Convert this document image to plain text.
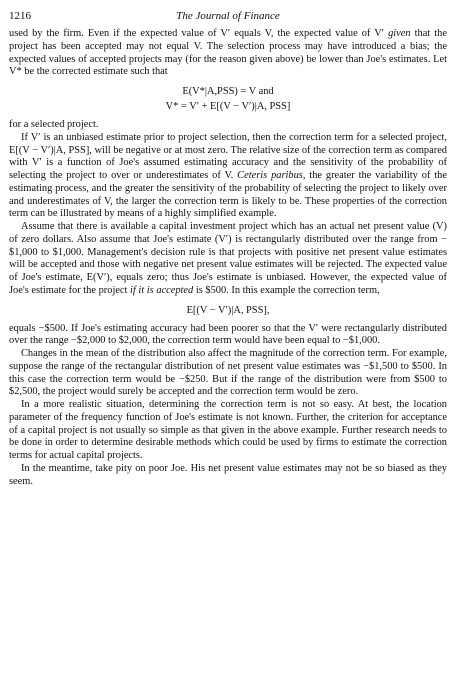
1216	The Journal of Finance

used by the firm. Even if the expected value of V′ equals V, the expected value of V′ given that the project has been accepted may not equal V. The selection process may have introduced a bias; the expected values of accepted projects may (for the reason given above) be lower than Joe's estimates. Let V* be the corrected estimate such that

E(V*|A,PSS) = V and
V* = V′ + E[(V − V′)|A, PSS]

for a selected project.

If V′ is an unbiased estimate prior to project selection, then the correction term for a selected project, E[(V − V′)|A, PSS], will be negative or at most zero. The relative size of the correction term as compared with V′ is a function of Joe's assumed estimating accuracy and the sensitivity of the probability of selecting the project to over or underestimates of V. Ceteris paribus, the greater the variability of the estimating process, and the greater the sensitivity of the probability of selecting the project to likely over and underestimates of V, the larger the correction term is likely to be. These properties of the correction term can be illustrated by means of a highly simplified example.

Assume that there is available a capital investment project which has an actual net present value (V) of zero dollars. Also assume that Joe's estimate (V′) is rectangularly distributed over the range from −$1,000 to $1,000. Management's decision rule is that projects with positive net present value estimates will be accepted and those with negative net present value estimates will be rejected. The expected value of Joe's estimate, E(V′), equals zero; thus Joe's estimate is unbiased. However, the expected value of Joe's estimate for the project if it is accepted is $500. In this example the correction term,

E[(V − V′)|A, PSS],

equals −$500. If Joe's estimating accuracy had been poorer so that the V′ were rectangularly distributed over the range −$2,000 to $2,000, the correction term would have been equal to −$1,000.

Changes in the mean of the distribution also affect the magnitude of the correction term. For example, suppose the range of the rectangular distribution of net present value estimates was −$1,500 to $500. In this case the correction term would be −$250. But if the range of the distribution were from $500 to $2,500, the project would surely be accepted and the correction term would be zero.

In a more realistic situation, determining the correction term is not so easy. At best, the location parameter of the frequency function of Joe's estimate is not known. Further, the criterion for acceptance of a capital project is not usually so simple as that given in the above example. Further research needs to be done in order to determine desirable methods which could be used by firms to estimate the correction terms for actual capital projects.

In the meantime, take pity on poor Joe. His net present value estimates may not be so biased as they seem.
